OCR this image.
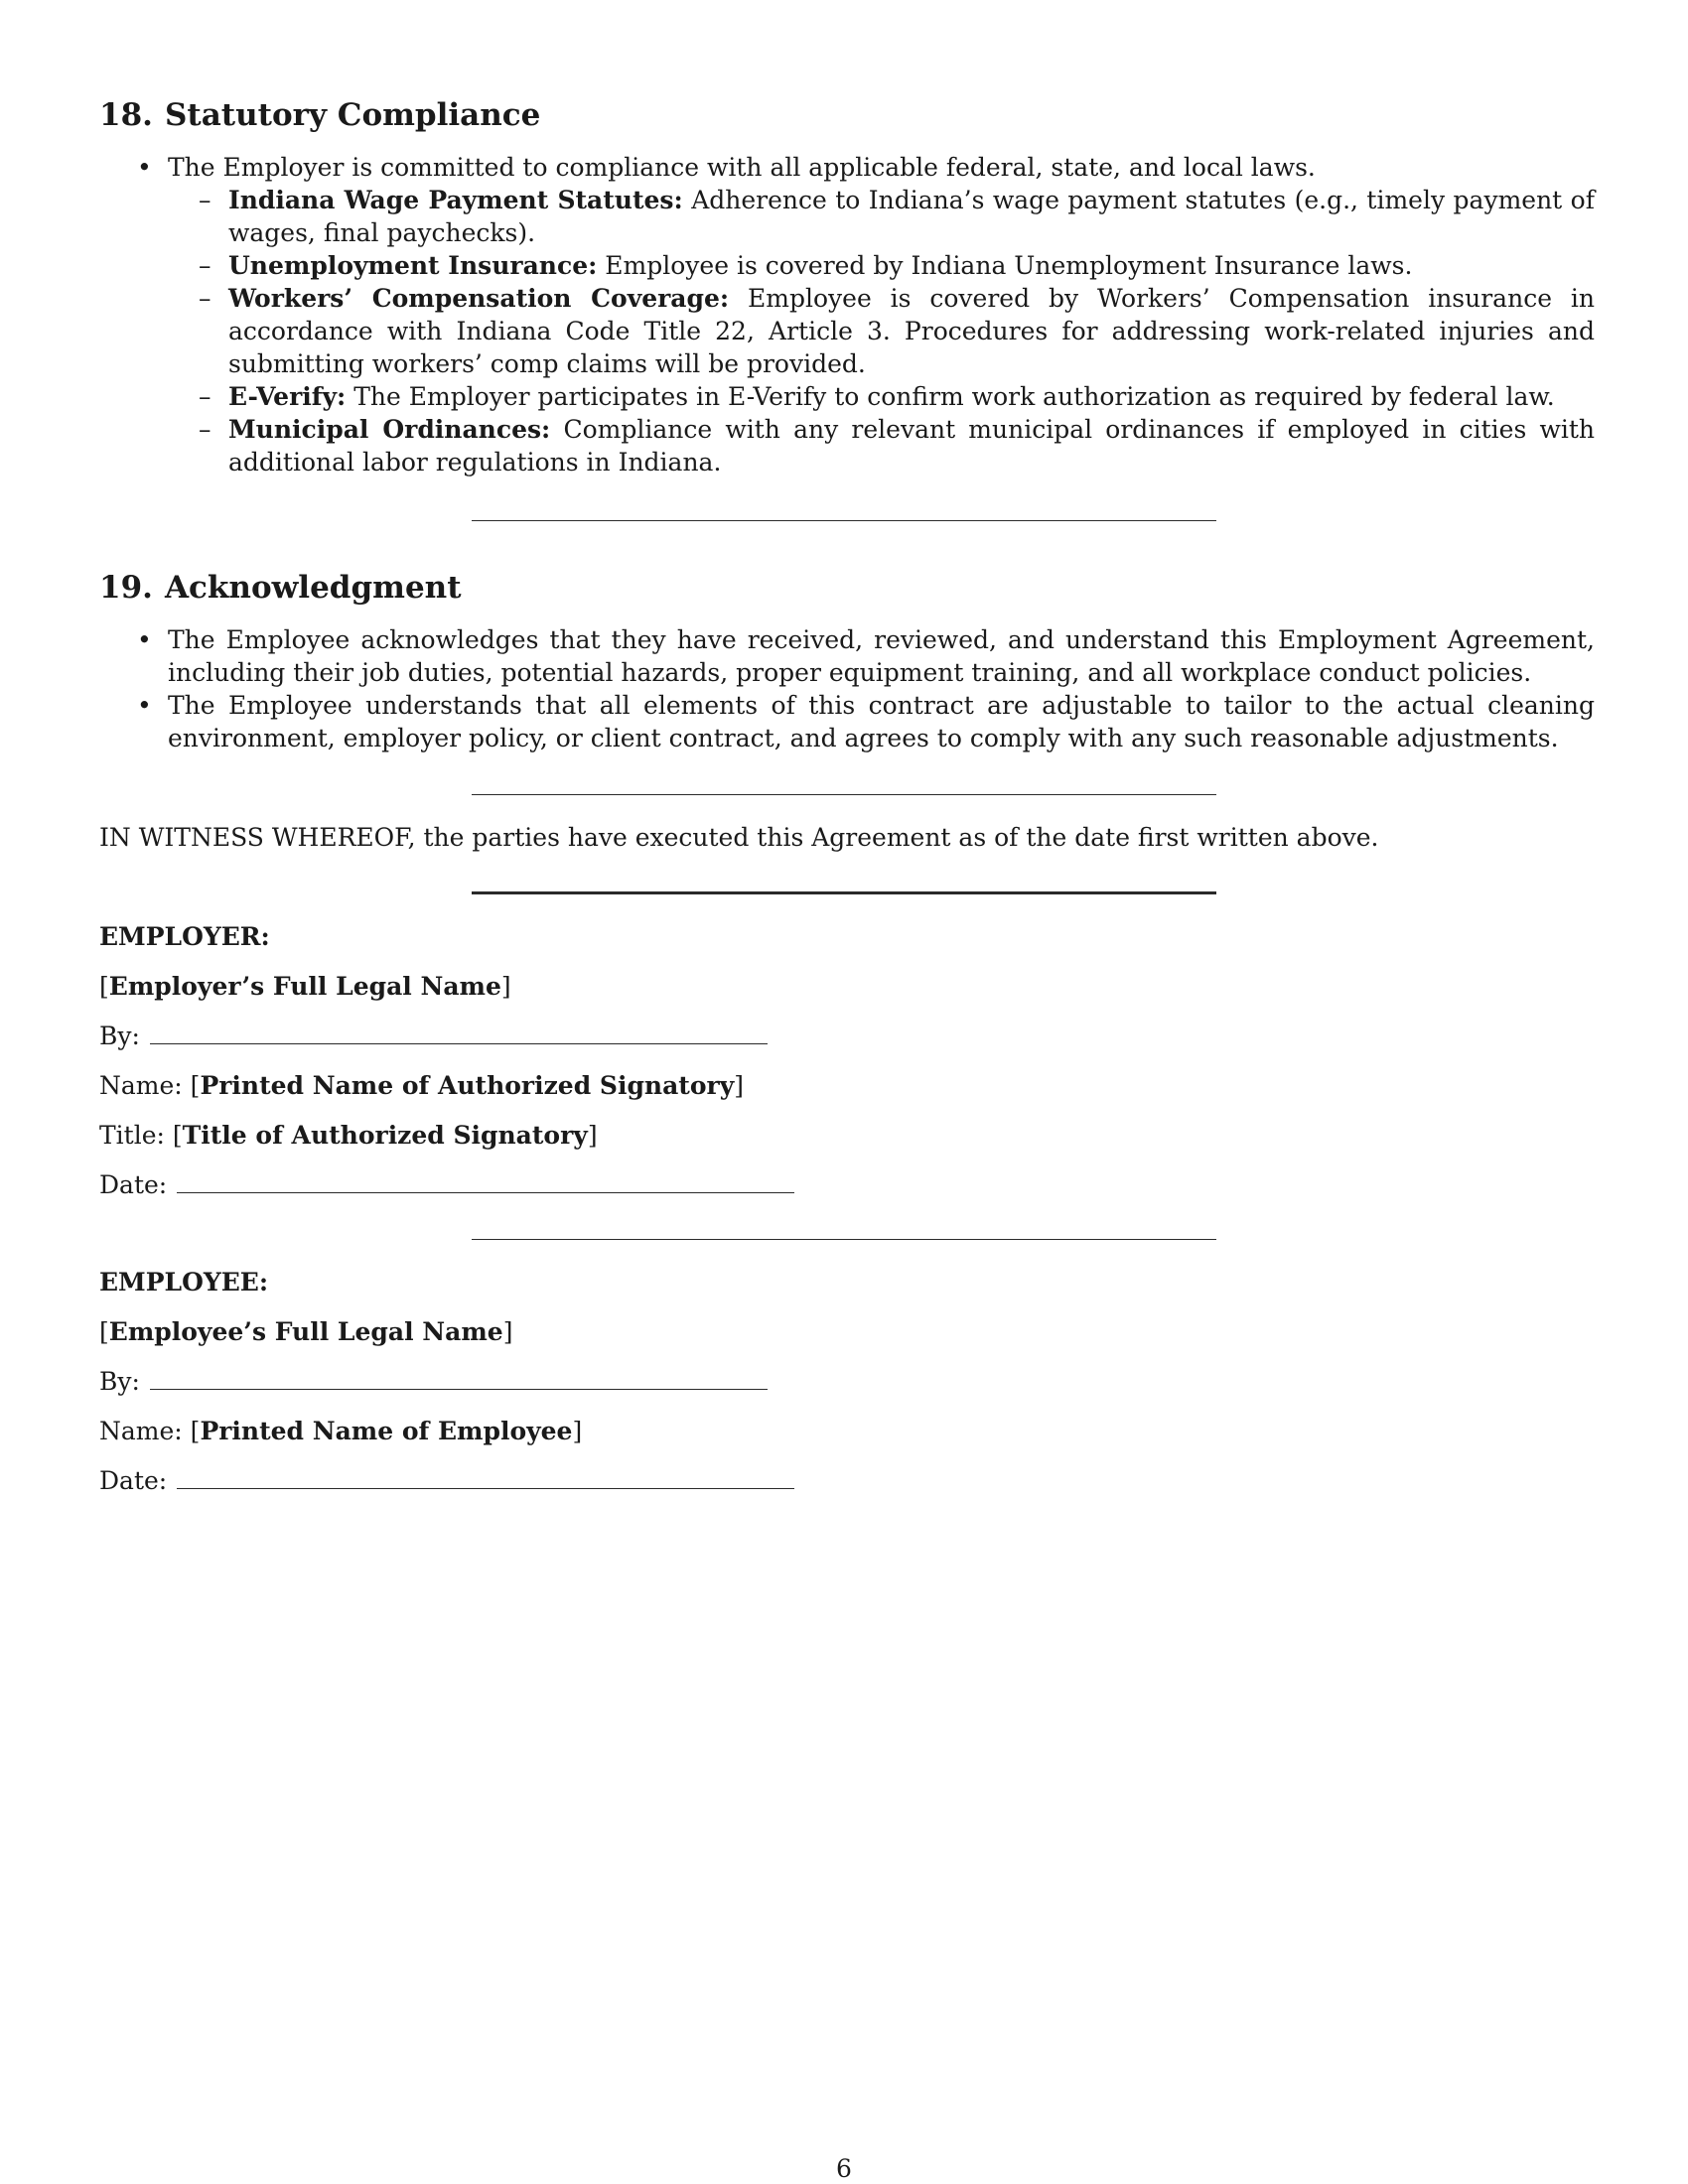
18. Statutory Compliance
• The Employer is committed to compliance with all applicable federal, state, and local laws.
– Indiana Wage Payment Statutes: Adherence to Indiana’s wage payment statutes (e.g., timely payment of wages, final paychecks).
– Unemployment Insurance: Employee is covered by Indiana Unemployment Insurance laws.
– Workers’ Compensation Coverage: Employee is covered by Workers’ Compensation insurance in accordance with Indiana Code Title 22, Article 3. Procedures for addressing work-related injuries and submitting workers’ comp claims will be provided.
– E-Verify: The Employer participates in E-Verify to confirm work authorization as required by federal law.
– Municipal Ordinances: Compliance with any relevant municipal ordinances if employed in cities with additional labor regulations in Indiana.
19. Acknowledgment
• The Employee acknowledges that they have received, reviewed, and understand this Employment Agreement, including their job duties, potential hazards, proper equipment training, and all workplace conduct policies.
• The Employee understands that all elements of this contract are adjustable to tailor to the actual cleaning environment, employer policy, or client contract, and agrees to comply with any such reasonable adjustments.

IN WITNESS WHEREOF, the parties have executed this Agreement as of the date first written above.

EMPLOYER:

[Employer’s Full Legal Name]

By:

Name: [Printed Name of Authorized Signatory]

Title: [Title of Authorized Signatory]

Date:

EMPLOYEE:

[Employee’s Full Legal Name]

By:

Name: [Printed Name of Employee]

Date:

6
